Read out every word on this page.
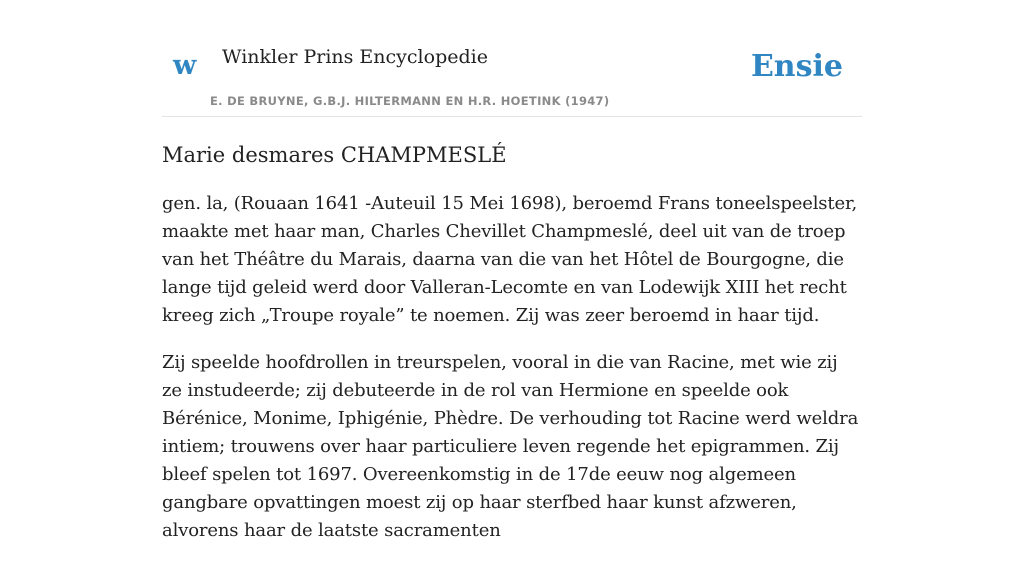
w Winkler Prins Encyclopedie
E. DE BRUYNE, G.B.J. HILTERMANN EN H.R. HOETINK (1947)
Ensie
Marie desmares CHAMPMESLÉ

gen. la, (Rouaan 1641 -Auteuil 15 Mei 1698), beroemd Frans toneelspeelster, maakte met haar man, Charles Chevillet Champmeslé, deel uit van de troep van het Théâtre du Marais, daarna van die van het Hôtel de Bourgogne, die lange tijd geleid werd door Valleran-Lecomte en van Lodewijk XIII het recht kreeg zich „Troupe royale” te noemen. Zij was zeer beroemd in haar tijd.

Zij speelde hoofdrollen in treurspelen, vooral in die van Racine, met wie zij ze instudeerde; zij debuteerde in de rol van Hermione en speelde ook Bérénice, Monime, Iphigénie, Phèdre. De verhouding tot Racine werd weldra intiem; trouwens over haar particuliere leven regende het epigrammen. Zij bleef spelen tot 1697. Overeenkomstig in de 17de eeuw nog algemeen gangbare opvattingen moest zij op haar sterfbed haar kunst afzweren, alvorens haar de laatste sacramenten
